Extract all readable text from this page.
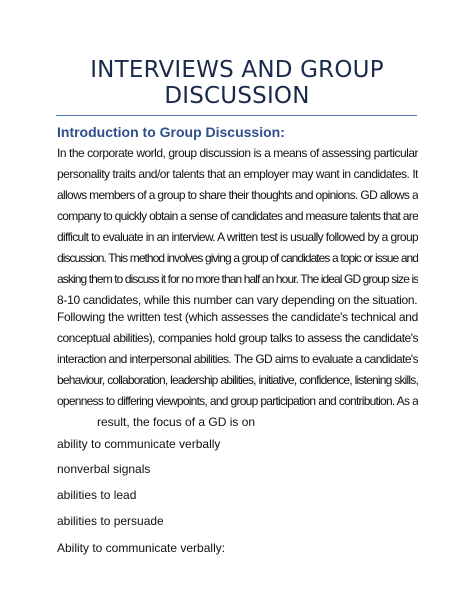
INTERVIEWS AND GROUP
DISCUSSION
Introduction to Group Discussion:
In the corporate world, group discussion is a means of assessing particular
personality traits and/or talents that an employer may want in candidates. It
allows members of a group to share their thoughts and opinions. GD allows a
company to quickly obtain a sense of candidates and measure talents that are
difficult to evaluate in an interview. A written test is usually followed by a group
discussion. This method involves giving a group of candidates a topic or issue and
asking them to discuss it for no more than half an hour. The ideal GD group size is
8-10 candidates, while this number can vary depending on the situation.
Following the written test (which assesses the candidate's technical and
conceptual abilities), companies hold group talks to assess the candidate's
interaction and interpersonal abilities. The GD aims to evaluate a candidate's
behaviour, collaboration, leadership abilities, initiative, confidence, listening skills,
openness to differing viewpoints, and group participation and contribution. As a
result, the focus of a GD is on
ability to communicate verbally
nonverbal signals
abilities to lead
abilities to persuade
Ability to communicate verbally:
